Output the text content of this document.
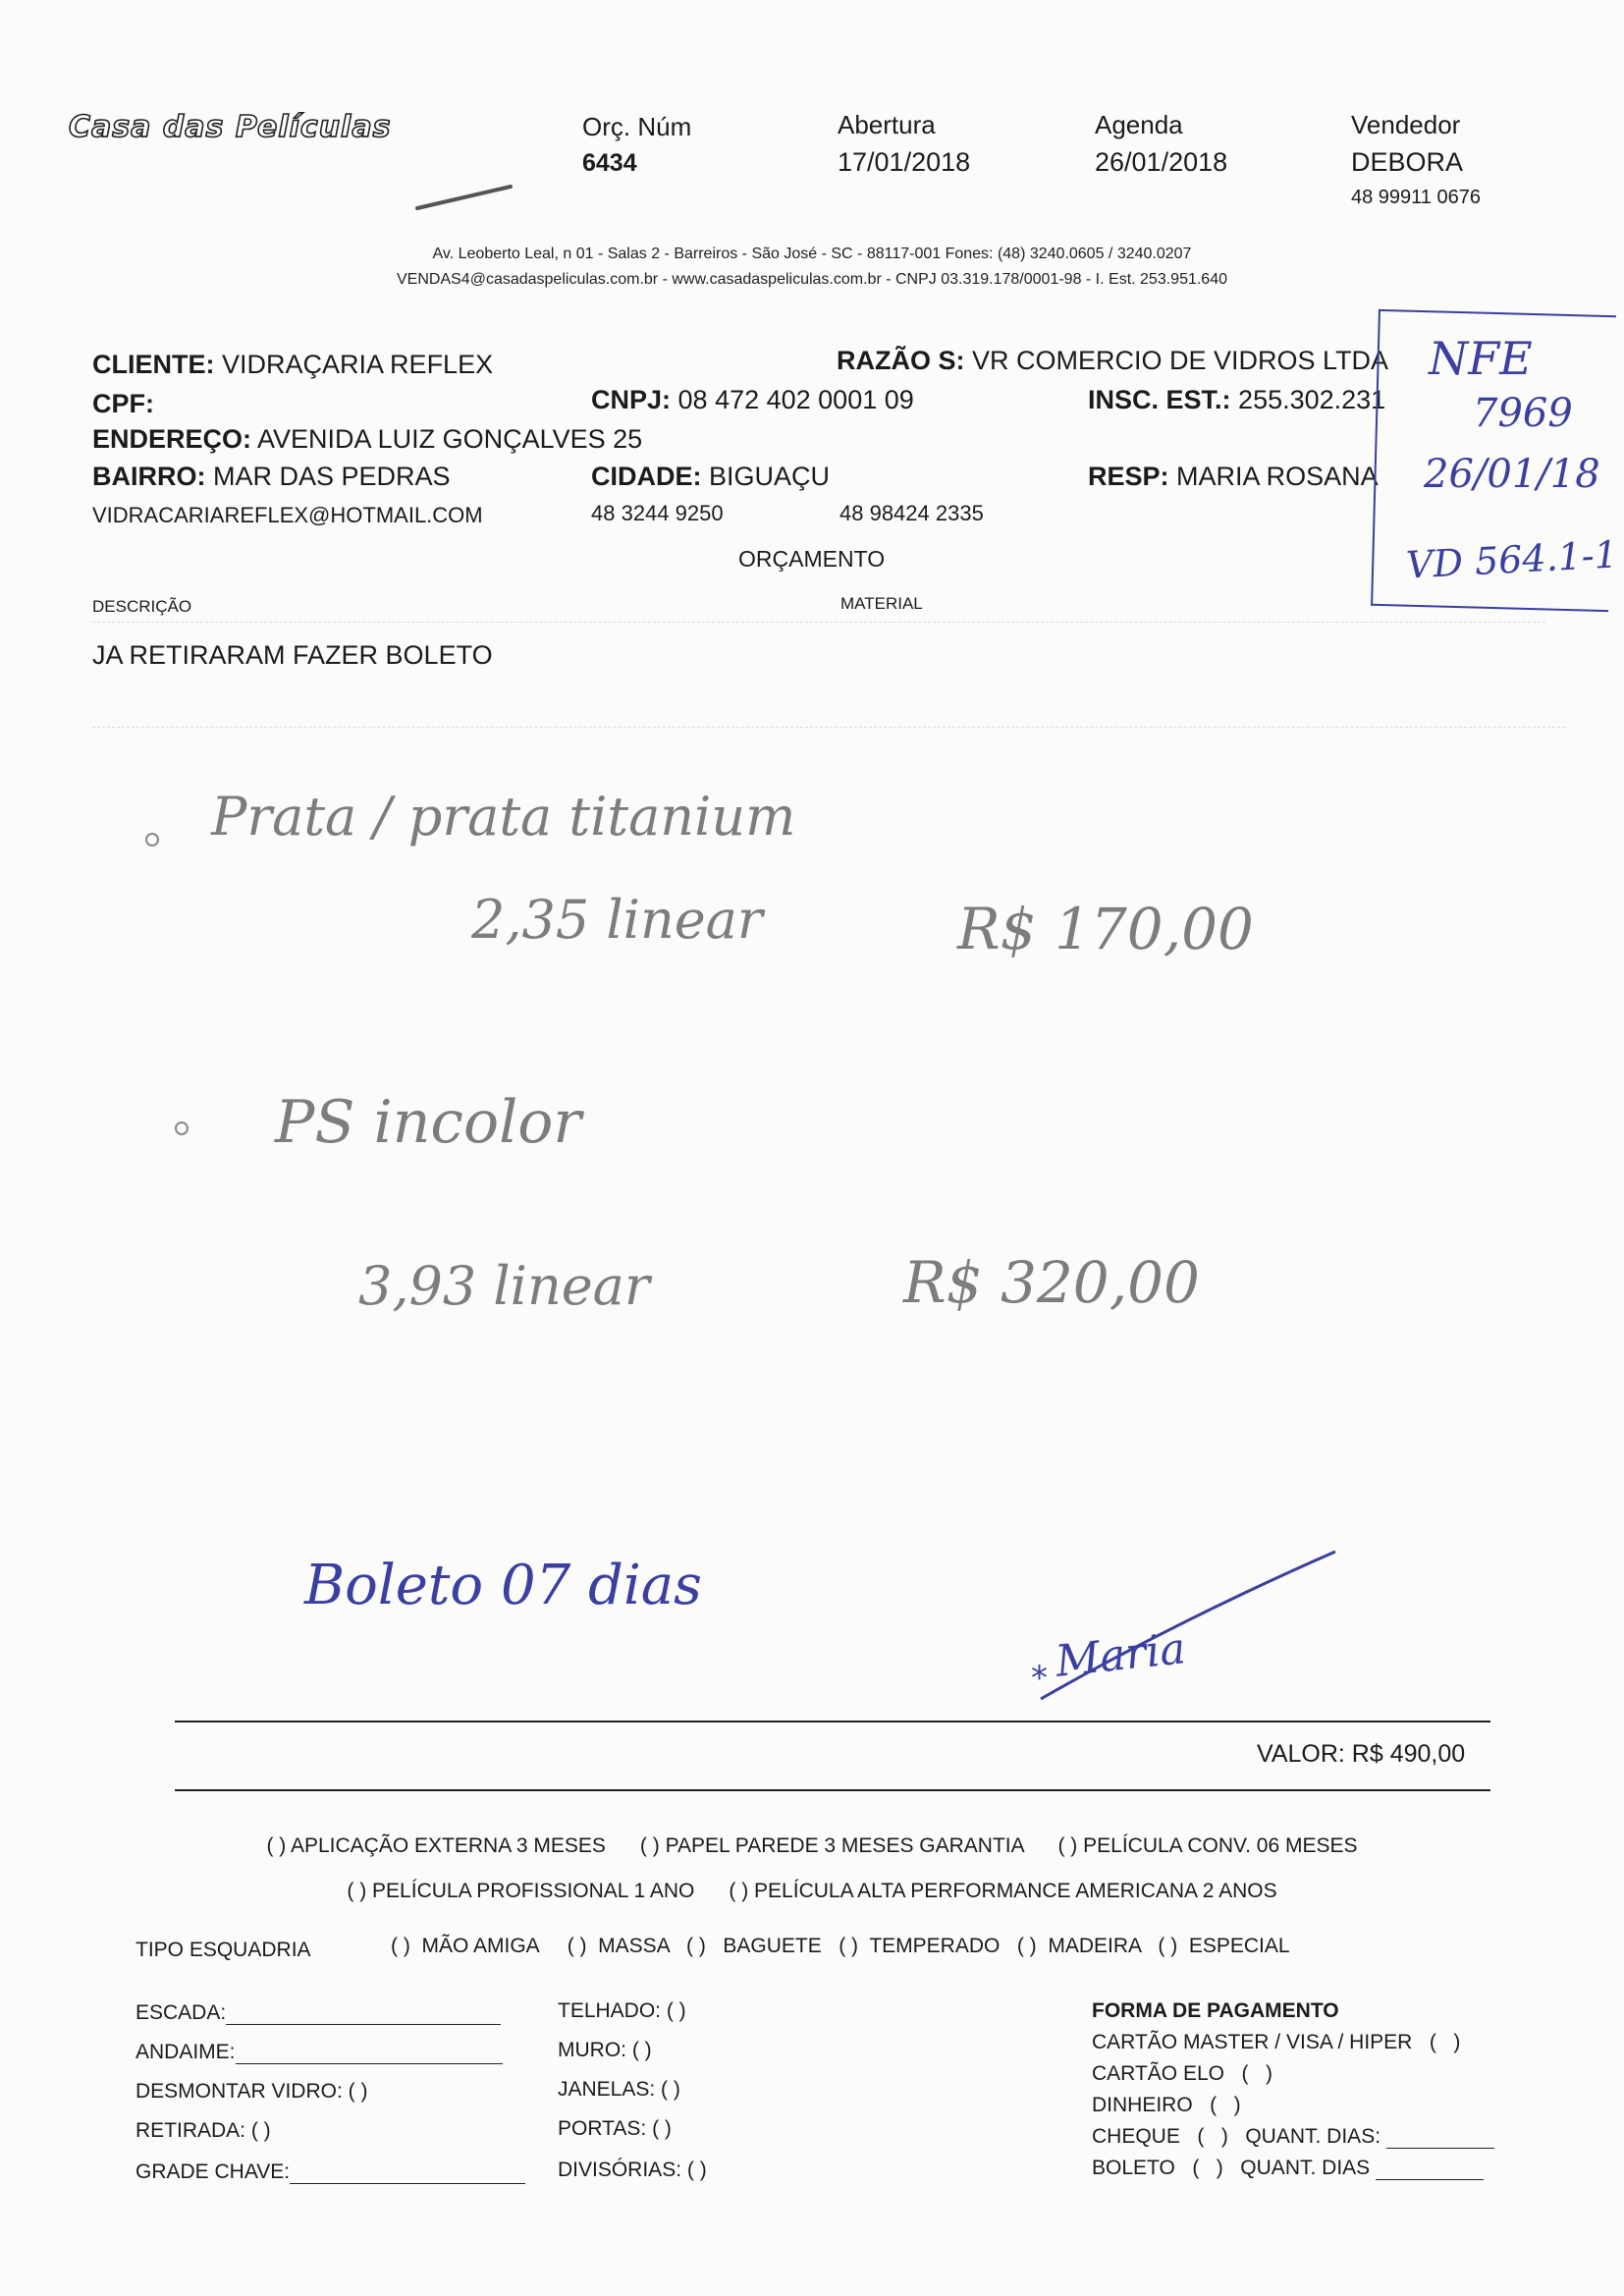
Casa das Películas	Orç. Núm
6434
Abertura
17/01/2018
Agenda
26/01/2018
Vendedor
DEBORA
48 99911 0676
Av. Leoberto Leal, n 01 - Salas 2 - Barreiros - São José - SC - 88117-001 Fones: (48) 3240.0605 / 3240.0207
VENDAS4@casadaspeliculas.com.br - www.casadaspeliculas.com.br - CNPJ 03.319.178/0001-98 - I. Est. 253.951.640
CLIENTE: VIDRAÇARIA REFLEX	RAZÃO S: VR COMERCIO DE VIDROS LTDA
CPF:	CNPJ: 08 472 402 0001 09	INSC. EST.: 255.302.231
ENDEREÇO: AVENIDA LUIZ GONÇALVES 25
BAIRRO: MAR DAS PEDRAS	CIDADE: BIGUAÇU	RESP: MARIA ROSANA
VIDRACARIAREFLEX@HOTMAIL.COM	48 3244 9250	48 98424 2335
NFE
7969
26/01/18
VD 564.1-1
ORÇAMENTO
DESCRIÇÃO	MATERIAL
JA RETIRARAM FAZER BOLETO
Prata / prata titanium
2,35 linear	R$ 170,00
PS incolor
3,93 linear	R$ 320,00
Boleto 07 dias
Maria
*
VALOR: R$ 490,00
( ) APLICAÇÃO EXTERNA 3 MESES      ( ) PAPEL PAREDE 3 MESES GARANTIA      ( ) PELÍCULA CONV. 06 MESES
( ) PELÍCULA PROFISSIONAL 1 ANO      ( ) PELÍCULA ALTA PERFORMANCE AMERICANA 2 ANOS
TIPO ESQUADRIA	( )  MÃO AMIGA     ( )  MASSA   ( )   BAGUETE   ( )  TEMPERADO   ( )  MADEIRA   ( )  ESPECIAL
ESCADA:
ANDAIME:
DESMONTAR VIDRO: ( )
RETIRADA: ( )
GRADE CHAVE:
TELHADO: ( )
MURO: ( )
JANELAS: ( )
PORTAS: ( )
DIVISÓRIAS: ( )
FORMA DE PAGAMENTO
CARTÃO MASTER / VISA / HIPER   (   )
CARTÃO ELO   (   )
DINHEIRO   (   )
CHEQUE   (   )   QUANT. DIAS:
BOLETO   (   )   QUANT. DIAS
